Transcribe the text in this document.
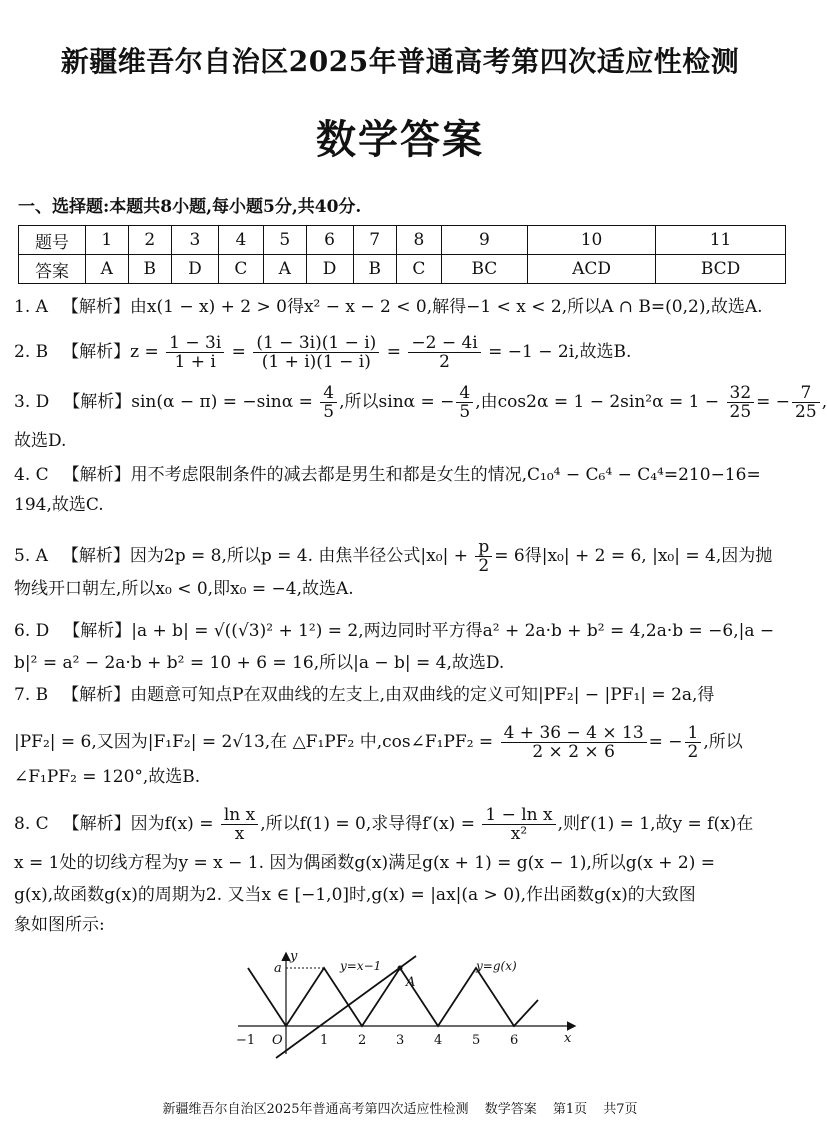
新疆维吾尔自治区2025年普通高考第四次适应性检测
数学答案
一、选择题:本题共8小题,每小题5分,共40分.
题号	1	2	3	4	5	6	7	8	9	10	11
答案	A	B	D	C	A	D	B	C	BC	ACD	BCD
1. A 【解析】由x(1 − x) + 2 > 0得x² − x − 2 < 0,解得−1 < x < 2,所以A ∩ B=(0,2),故选A.
2. B 【解析】$z = \frac{1 - 3i}{1 + i} = \frac{(1 - 3i)(1 - i)}{(1 + i)(1 - i)} = \frac{-2 - 4i}{2} = -1 - 2i$,故选B.
3. D 【解析】$\sin(\alpha - \pi) = -\sin\alpha = \frac{4}{5}$ ,所以sinα = − $\frac{4}{5}$ ,由$\cos 2\alpha = 1 - 2\sin^2\alpha = 1 - \frac{32}{25}$ = − $\frac{7}{25}$ ,
故选D.
4. C 【解析】用不考虑限制条件的减去都是男生和都是女生的情况,C₁₀⁴ − C₆⁴ − C₄⁴=210−16=
194,故选C.
5. A 【解析】因为2p = 8,所以p = 4. 由焦半径公式$|x_0| + \frac{p}{2} = 6$得|x₀| + 2 = 6, |x₀| = 4,因为抛
物线开口朝左,所以x₀ < 0,即x₀ = −4,故选A.
6. D 【解析】|a + b| = √((√3)² + 1²) = 2,两边同时平方得a² + 2a·b + b² = 4,2a·b = −6,|a −
b|² = a² − 2a·b + b² = 10 + 6 = 16,所以|a − b| = 4,故选D.
7. B 【解析】由题意可知点P在双曲线的左支上,由双曲线的定义可知|PF₂| − |PF₁| = 2a,得
|PF₂| = 6,又因为|F₁F₂| = 2√13,在 △F₁PF₂ 中,cos∠F₁PF₂ = $\frac{4 + 36 - 4 \times 13}{2 \times 2 \times 6}$ = − $\frac{1}{2}$ ,所以
∠F₁PF₂ = 120°,故选B.
8. C 【解析】因为$f(x) = \frac{\text{ln x}}{x}$ ,所以f(1) = 0,求导得$f'(x) = \frac{\text{1 − ln x}}{\text{x²}}$ ,则f′(1) = 1,故y = f(x)在
x = 1处的切线方程为y = x − 1. 因为偶函数g(x)满足g(x + 1) = g(x − 1),所以g(x + 2) =
g(x),故函数g(x)的周期为2. 又当x ∈ [−1,0]时,g(x) = |ax|(a > 0),作出函数g(x)的大致图
象如图所示:
y
x
O
a	y=x−1	y=g(x)
A
−1	1 2 3 4 5 6
新疆维吾尔自治区2025年普通高考第四次适应性检测 数学答案 第1页 共7页
